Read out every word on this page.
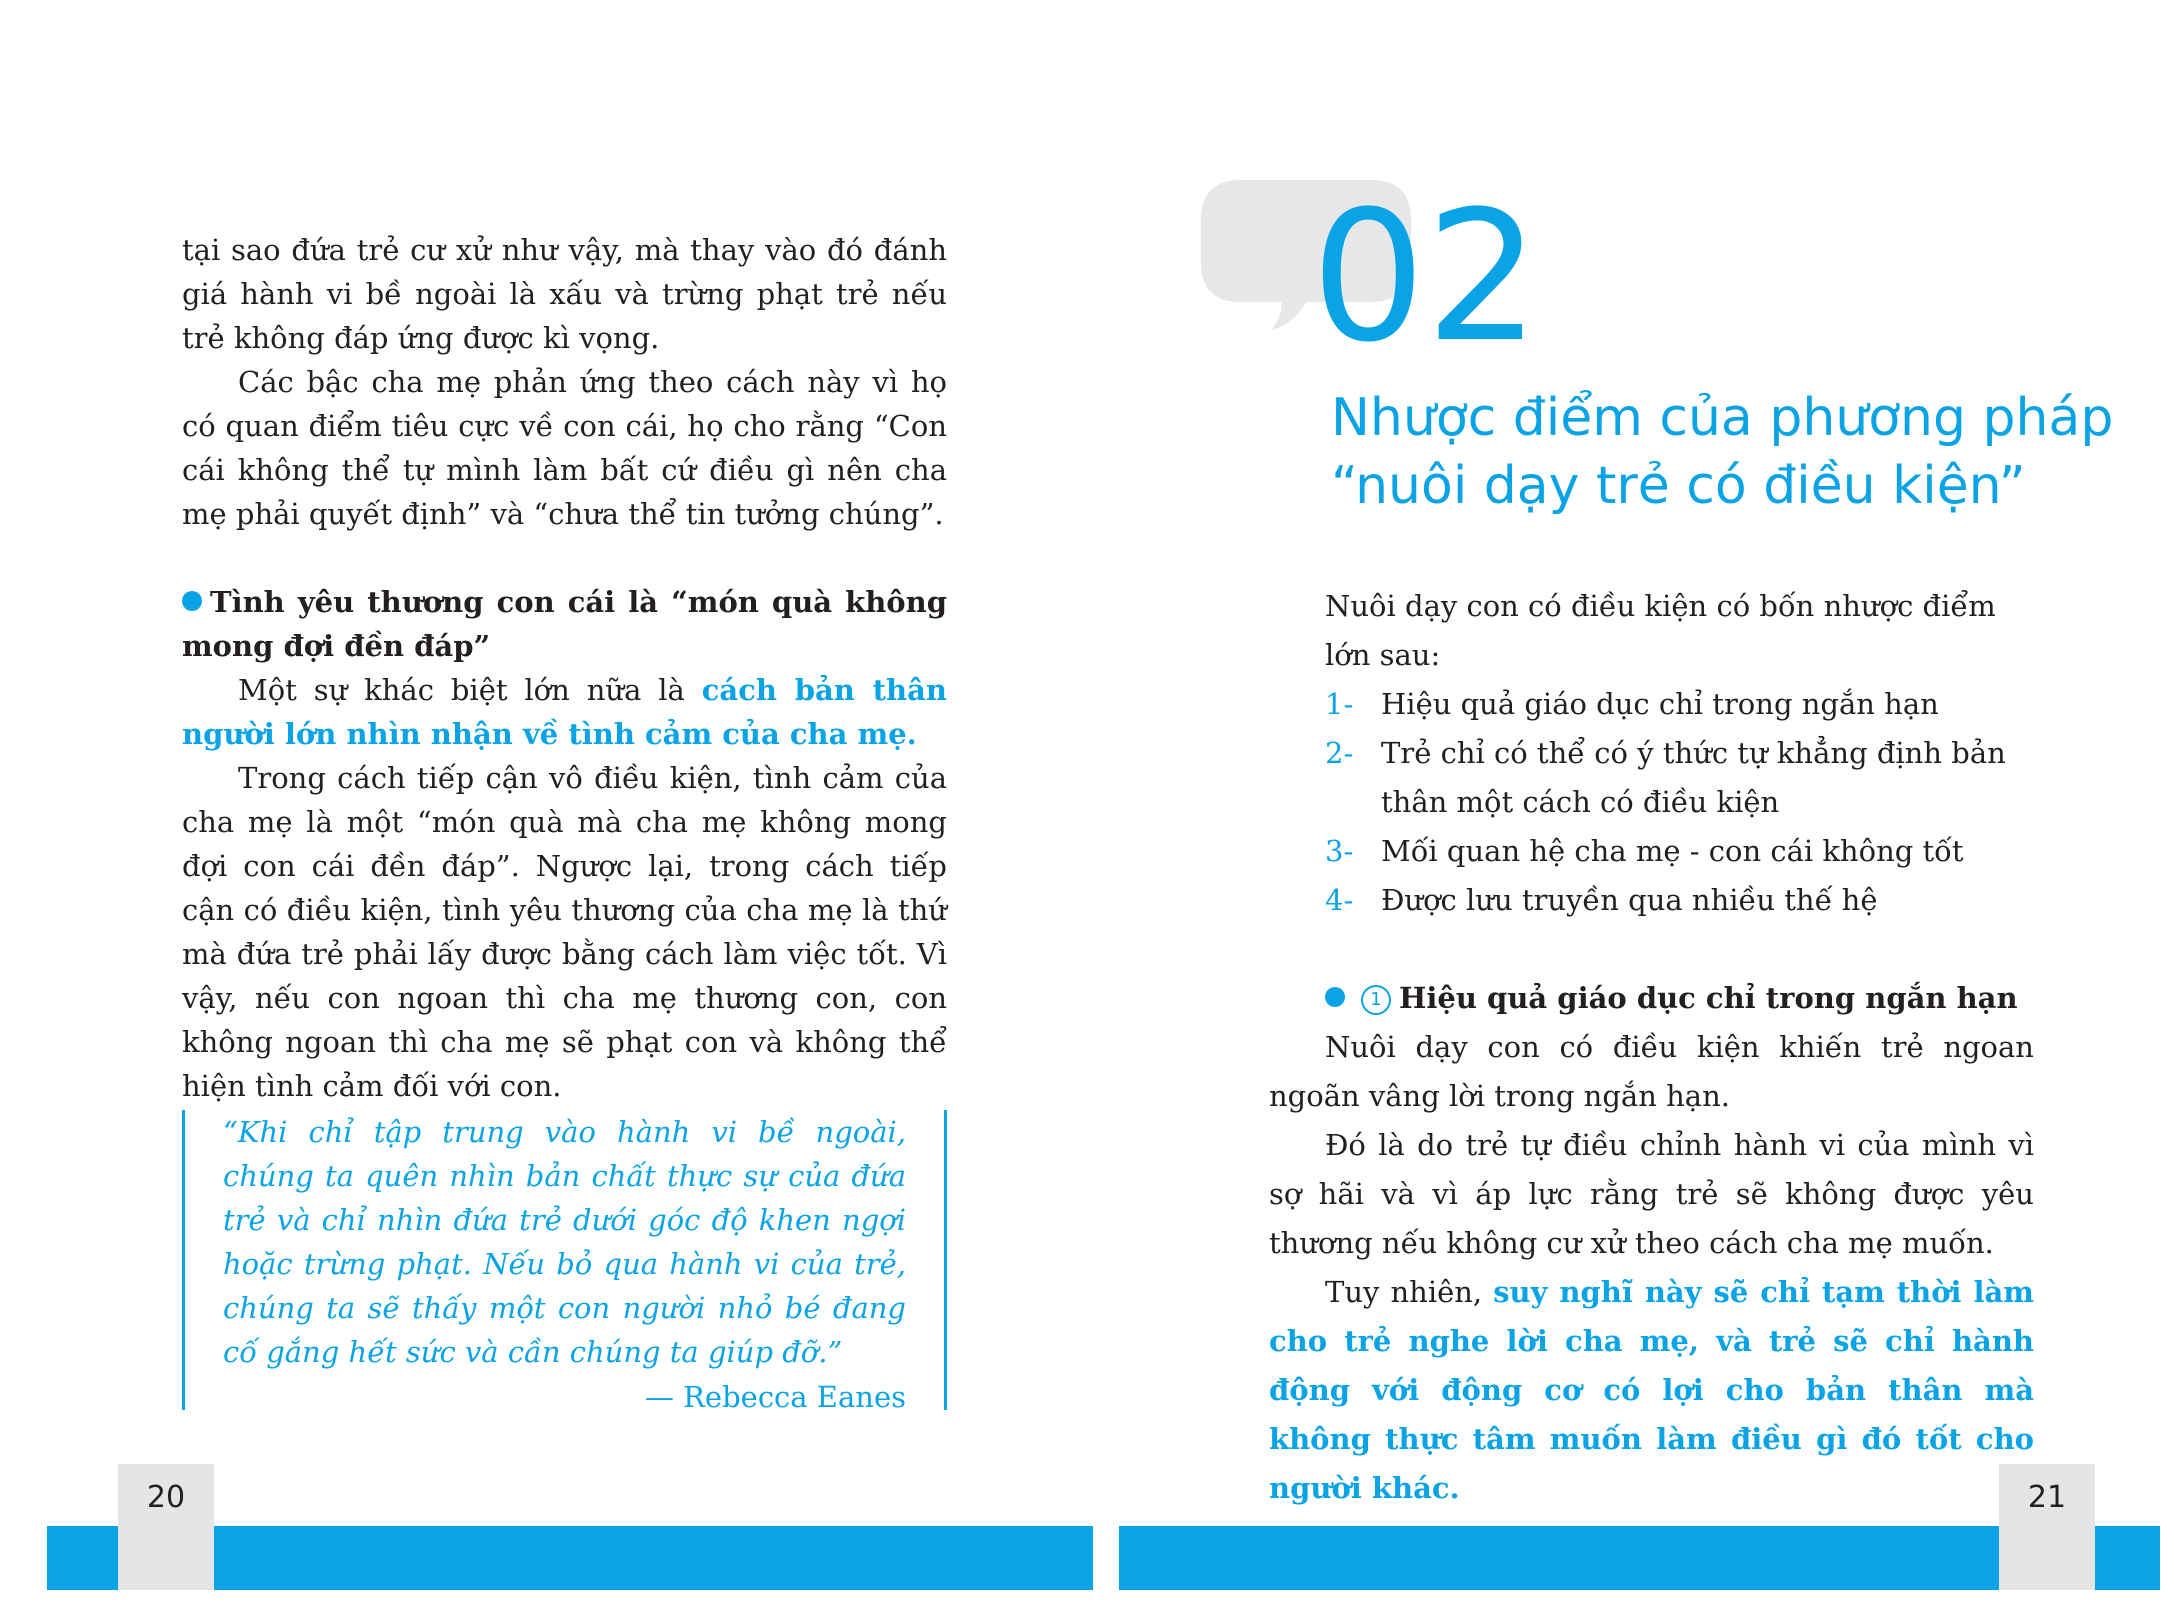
tại sao đứa trẻ cư xử như vậy, mà thay vào đó đánh giá hành vi bề ngoài là xấu và trừng phạt trẻ nếu trẻ không đáp ứng được kì vọng.

Các bậc cha mẹ phản ứng theo cách này vì họ có quan điểm tiêu cực về con cái, họ cho rằng “Con cái không thể tự mình làm bất cứ điều gì nên cha mẹ phải quyết định” và “chưa thể tin tưởng chúng”.

Tình yêu thương con cái là “món quà không mong đợi đền đáp”

Một sự khác biệt lớn nữa là cách bản thân người lớn nhìn nhận về tình cảm của cha mẹ.

Trong cách tiếp cận vô điều kiện, tình cảm của cha mẹ là một “món quà mà cha mẹ không mong đợi con cái đền đáp”. Ngược lại, trong cách tiếp cận có điều kiện, tình yêu thương của cha mẹ là thứ mà đứa trẻ phải lấy được bằng cách làm việc tốt. Vì vậy, nếu con ngoan thì cha mẹ thương con, con không ngoan thì cha mẹ sẽ phạt con và không thể hiện tình cảm đối với con.

“Khi chỉ tập trung vào hành vi bề ngoài, chúng ta quên nhìn bản chất thực sự của đứa trẻ và chỉ nhìn đứa trẻ dưới góc độ khen ngợi hoặc trừng phạt. Nếu bỏ qua hành vi của trẻ, chúng ta sẽ thấy một con người nhỏ bé đang cố gắng hết sức và cần chúng ta giúp đỡ.”

— Rebecca Eanes

20
02
Nhược điểm của phương pháp
“nuôi dạy trẻ có điều kiện”

Nuôi dạy con có điều kiện có bốn nhược điểm lớn sau:

1- Hiệu quả giáo dục chỉ trong ngắn hạn
2- Trẻ chỉ có thể có ý thức tự khẳng định bản thân một cách có điều kiện
3- Mối quan hệ cha mẹ - con cái không tốt
4- Được lưu truyền qua nhiều thế hệ

1 Hiệu quả giáo dục chỉ trong ngắn hạn

Nuôi dạy con có điều kiện khiến trẻ ngoan ngoãn vâng lời trong ngắn hạn.

Đó là do trẻ tự điều chỉnh hành vi của mình vì sợ hãi và vì áp lực rằng trẻ sẽ không được yêu thương nếu không cư xử theo cách cha mẹ muốn.

Tuy nhiên, suy nghĩ này sẽ chỉ tạm thời làm cho trẻ nghe lời cha mẹ, và trẻ sẽ chỉ hành động với động cơ có lợi cho bản thân mà không thực tâm muốn làm điều gì đó tốt cho người khác.	21
